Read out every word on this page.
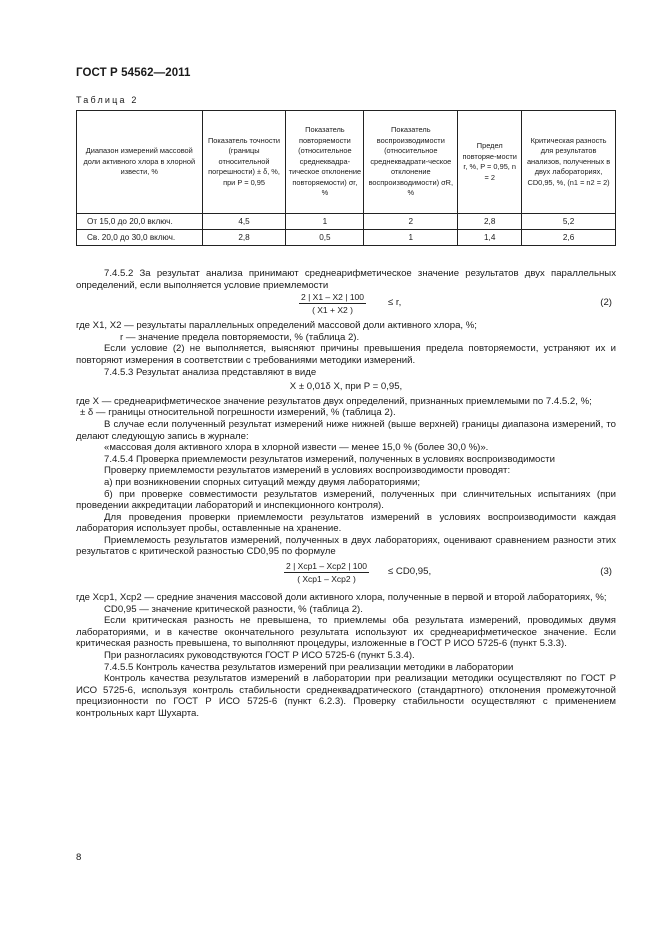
ГОСТ Р 54562—2011
Таблица 2
Диапазон измерений массовой доли активного хлора в хлорной извести, %	Показатель точности (границы относительной погрешности) ± δ, %, при P = 0,95	Показатель повторяемости (относительное среднеквадра-тическое отклонение повторяемости) σr, %	Показатель воспроизводимости (относительное среднеквадрати-ческое отклонение воспроизводимости) σR, %	Предел повторяе-мости r, %, P = 0,95, n = 2	Критическая разность для результатов анализов, полученных в двух лабораториях, CD0,95, %, (n1 = n2 = 2)
От 15,0 до 20,0 включ.	4,5	1	2	2,8	5,2
Св. 20,0 до 30,0 включ.	2,8	0,5	1	1,4	2,6

7.4.5.2 За результат анализа принимают среднеарифметическое значение результатов двух параллельных определений, если выполняется условие приемлемости

$\frac{2 | X1 - X2 | 100}{( X1 + X2 )} \le r$,	(2)

где X1, X2 — результаты параллельных определений массовой доли активного хлора, %;

r — значение предела повторяемости, % (таблица 2).

Если условие (2) не выполняется, выясняют причины превышения предела повторяемости, устраняют их и повторяют измерения в соответствии с требованиями методики измерений.

7.4.5.3 Результат анализа представляют в виде

X ± 0,01δ X, при P = 0,95,

где X — среднеарифметическое значение результатов двух определений, признанных приемлемыми по 7.4.5.2, %;

± δ — границы относительной погрешности измерений, % (таблица 2).

В случае если полученный результат измерений ниже нижней (выше верхней) границы диапазона измерений, то делают следующую запись в журнале:

«массовая доля активного хлора в хлорной извести — менее 15,0 % (более 30,0 %)».

7.4.5.4 Проверка приемлемости результатов измерений, полученных в условиях воспроизводимости

Проверку приемлемости результатов измерений в условиях воспроизводимости проводят:

а) при возникновении спорных ситуаций между двумя лабораториями;

б) при проверке совместимости результатов измерений, полученных при слинчительных испытаниях (при проведении аккредитации лабораторий и инспекционного контроля).

Для проведения проверки приемлемости результатов измерений в условиях воспроизводимости каждая лаборатория использует пробы, оставленные на хранение.

Приемлемость результатов измерений, полученных в двух лабораториях, оценивают сравнением разности этих результатов с критической разностью CD0,95 по формуле

2 | Xср1 – Xср2 | 100
( Xср1 – Xср2 )
≤ CD0,95,	(3)

где Xср1, Xср2 — средние значения массовой доли активного хлора, полученные в первой и второй лабораториях, %;

CD0,95 — значение критической разности, % (таблица 2).

Если критическая разность не превышена, то приемлемы оба результата измерений, проводимых двумя лабораториями, и в качестве окончательного результата используют их среднеарифметическое значение. Если критическая разность превышена, то выполняют процедуры, изложенные в ГОСТ Р ИСО 5725-6 (пункт 5.3.3).

При разногласиях руководствуются ГОСТ Р ИСО 5725-6 (пункт 5.3.4).

7.4.5.5 Контроль качества результатов измерений при реализации методики в лаборатории

Контроль качества результатов измерений в лаборатории при реализации методики осуществляют по ГОСТ Р ИСО 5725-6, используя контроль стабильности среднеквадратического (стандартного) отклонения промежуточной прецизионности по ГОСТ Р ИСО 5725-6 (пункт 6.2.3). Проверку стабильности осуществляют с применением контрольных карт Шухарта.

8
